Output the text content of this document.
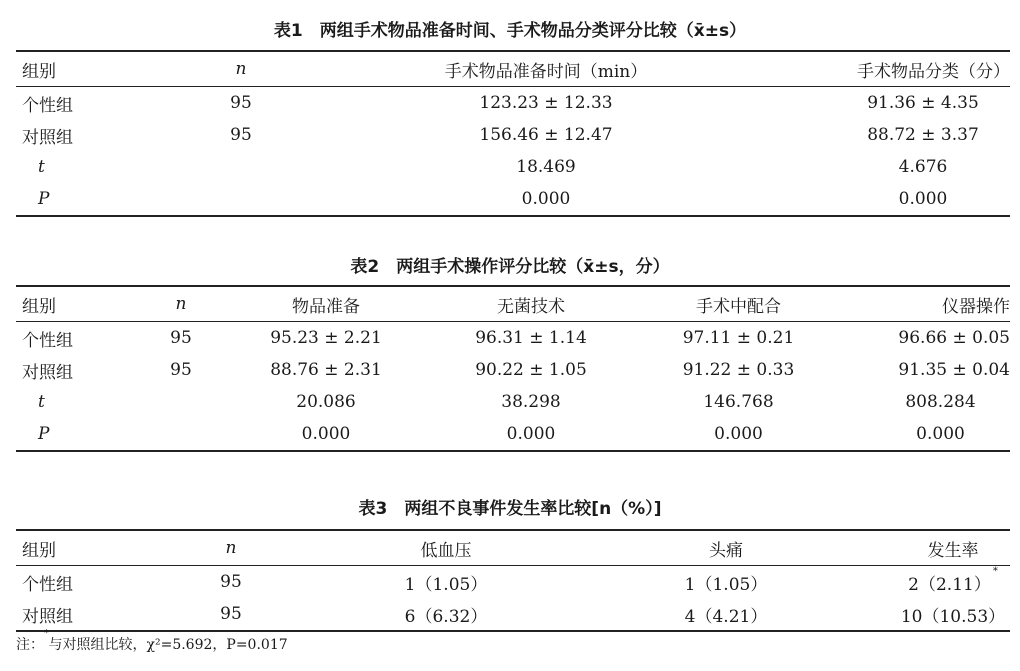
表1　两组手术物品准备时间、手术物品分类评分比较（x̄±s）
组别	n	手术物品准备时间（min）	手术物品分类（分）
个性组	95	123.23 ± 12.33	91.36 ± 4.35
对照组	95	156.46 ± 12.47	88.72 ± 3.37
t		18.469	4.676
P		0.000	0.000
表2　两组手术操作评分比较（x̄±s，分）
组别	n	物品准备	无菌技术	手术中配合	仪器操作
个性组	95	95.23 ± 2.21	96.31 ± 1.14	97.11 ± 0.21	96.66 ± 0.05
对照组	95	88.76 ± 2.31	90.22 ± 1.05	91.22 ± 0.33	91.35 ± 0.04
t		20.086	38.298	146.768	808.284
P		0.000	0.000	0.000	0.000
表3　两组不良事件发生率比较[n（%）]
组别	n	低血压	头痛	发生率
个性组	95	1（1.05）	1（1.05）	2（2.11）*
对照组	95	6（6.32）	4（4.21）	10（10.53）
注：*与对照组比较，χ²=5.692，P=0.017
